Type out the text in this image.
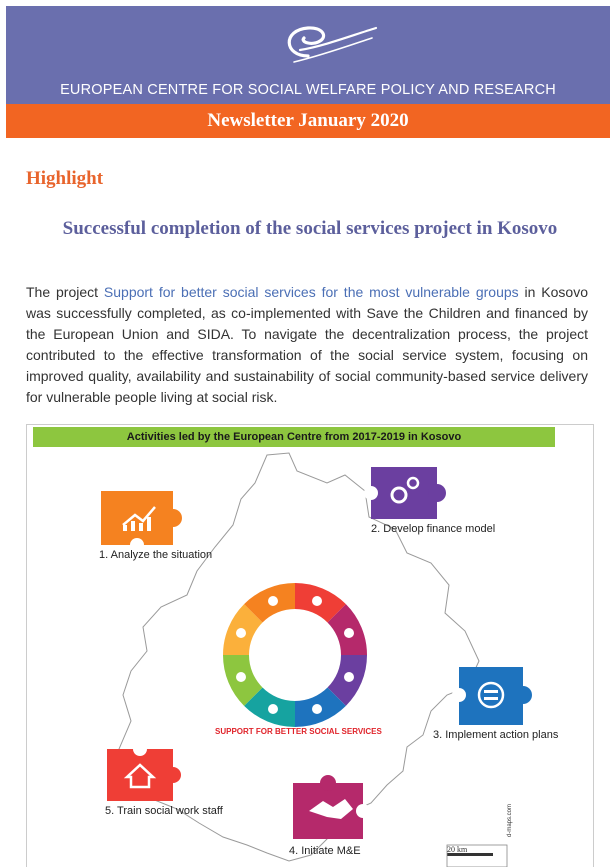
EUROPEAN CENTRE FOR SOCIAL WELFARE POLICY AND RESEARCH
Newsletter January 2020
Highlight
Successful completion of the social services project in Kosovo
The project Support for better social services for the most vulnerable groups in Kosovo was successfully completed, as co-implemented with Save the Children and financed by the European Union and SIDA. To navigate the decentralization process, the project contributed to the effective transformation of the social service system, focusing on improved quality, availability and sustainability of social community-based service delivery for vulnerable people living at social risk.
Activities led by the European Centre from 2017-2019 in Kosovo
1. Analyze the situation
2. Develop finance model
3. Implement action plans
4. Initiate M&E
5. Train social work staff
SUPPORT FOR BETTER SOCIAL SERVICES
20 km
d-maps.com
